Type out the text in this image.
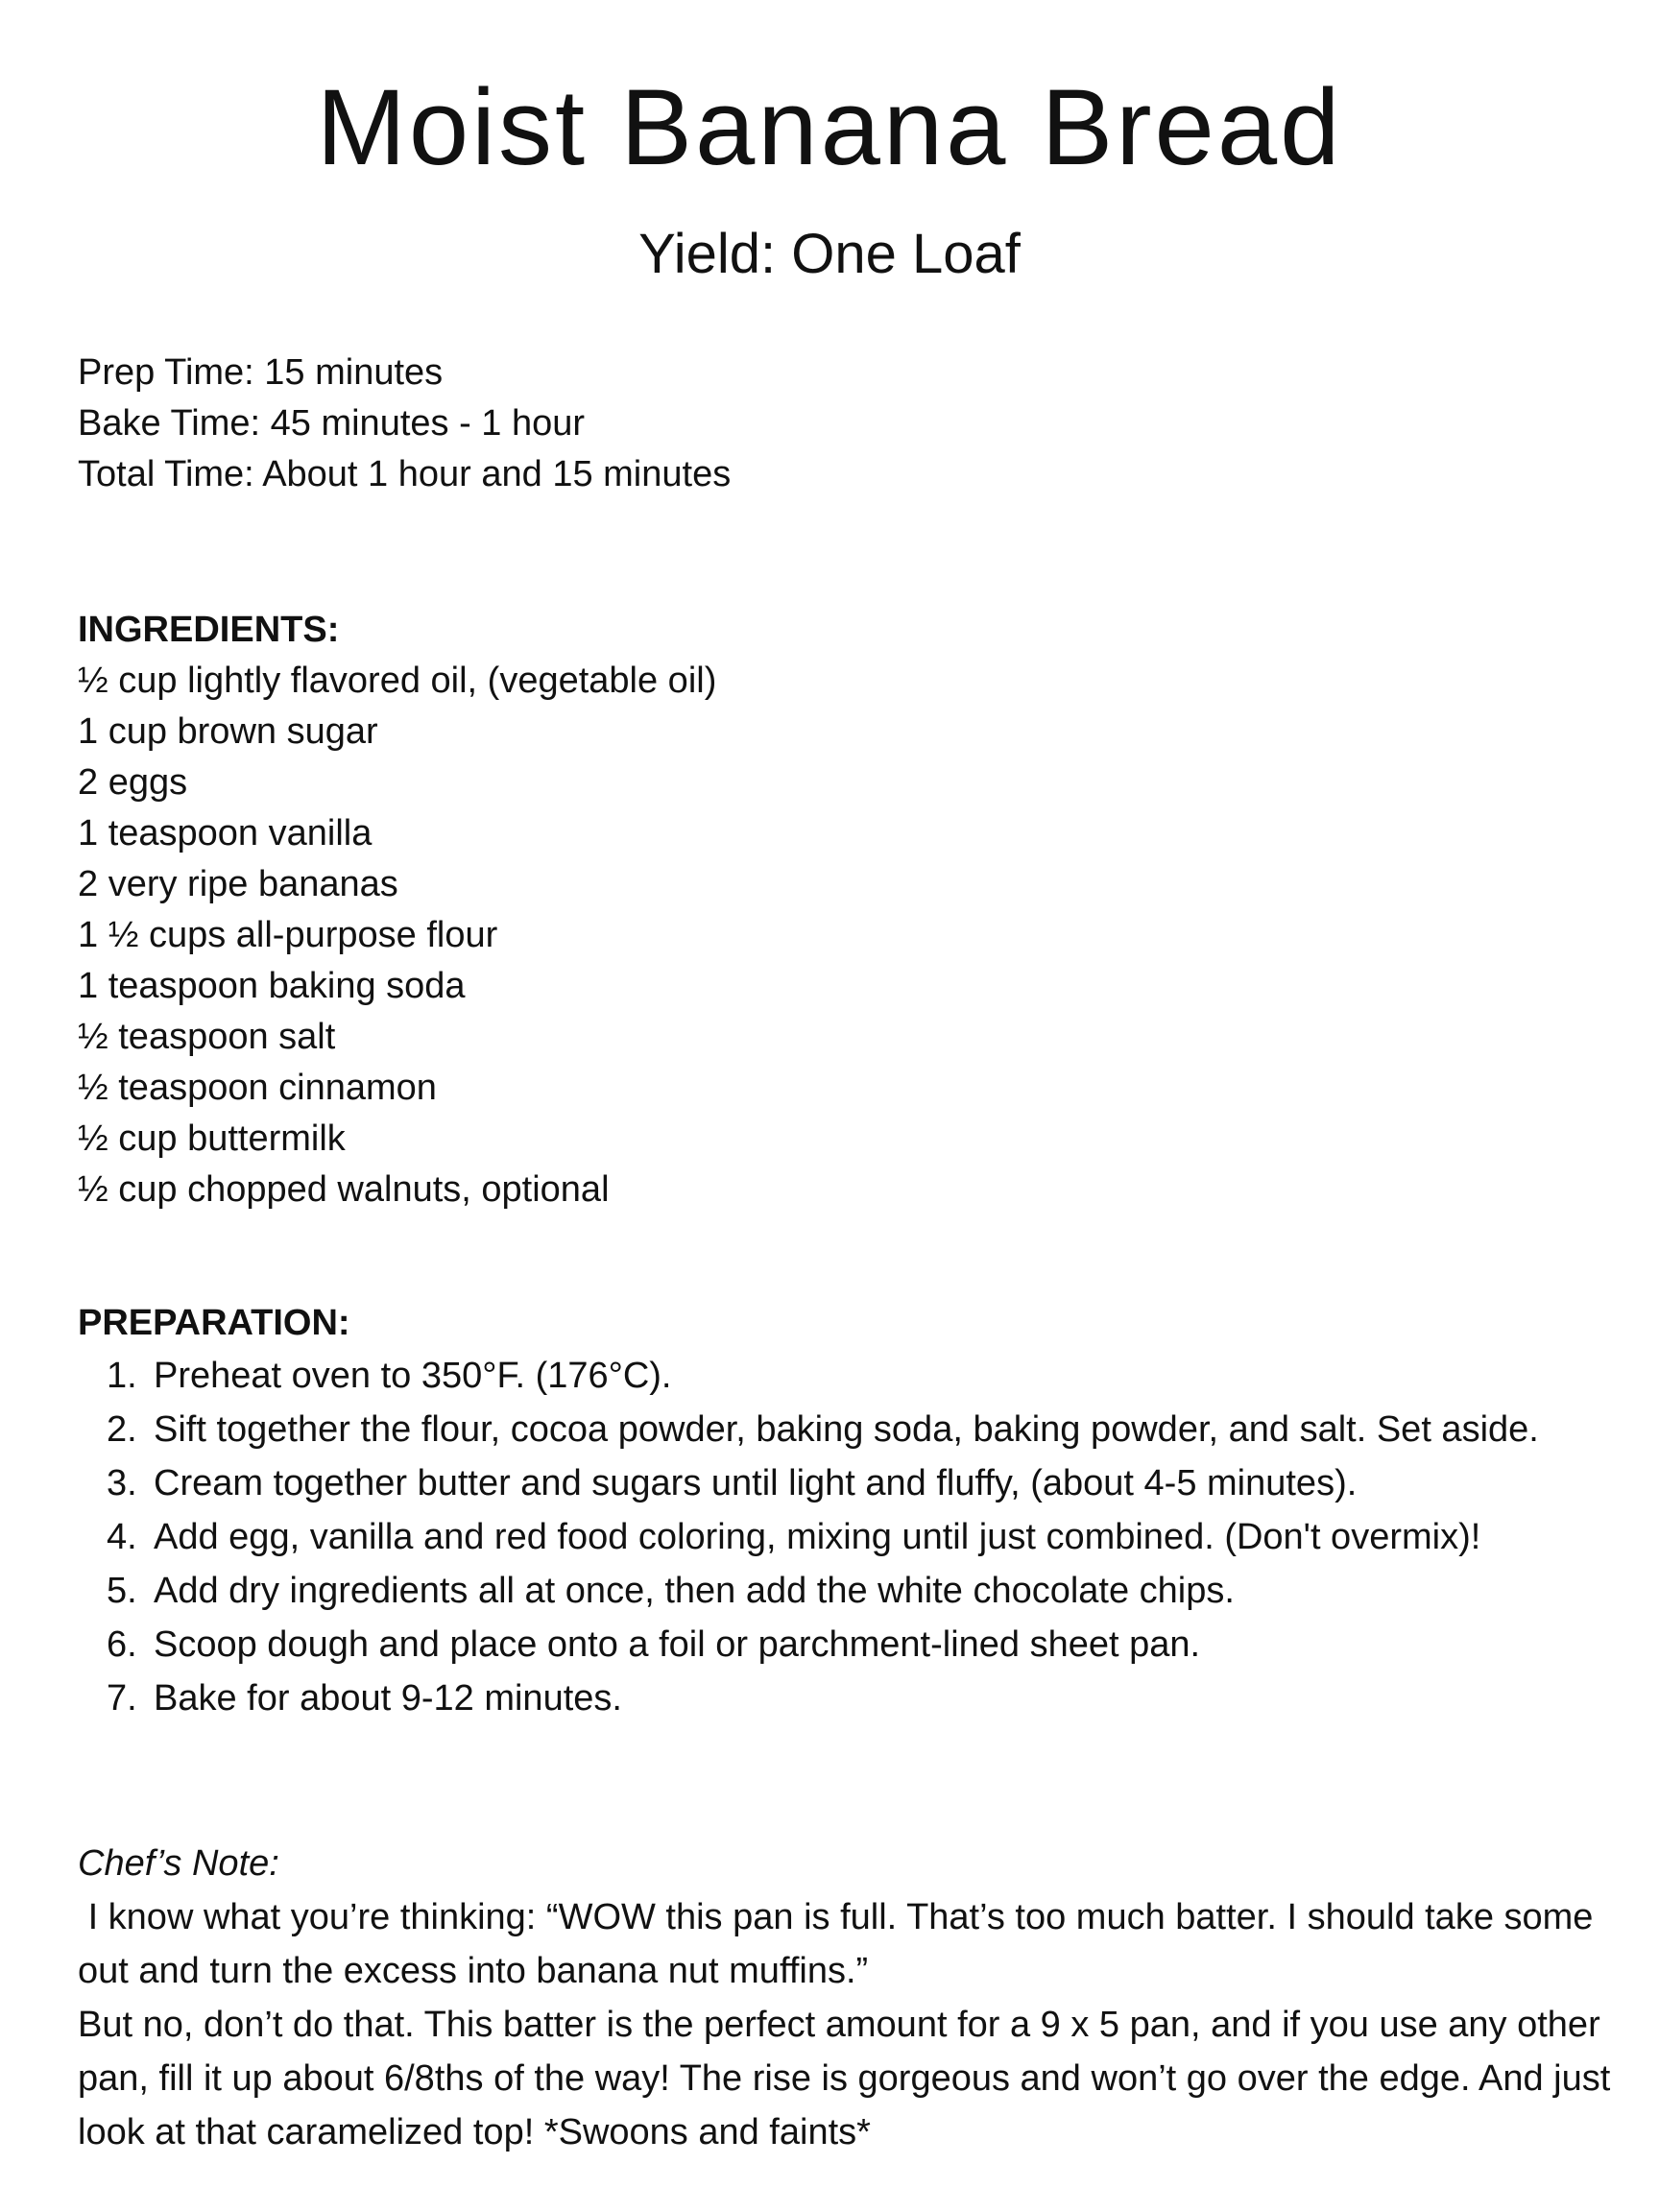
Moist Banana Bread
Yield: One Loaf
Prep Time: 15 minutes
Bake Time: 45 minutes - 1 hour
Total Time: About 1 hour and 15 minutes
INGREDIENTS:
½ cup lightly flavored oil, (vegetable oil)
1 cup brown sugar
2 eggs
1 teaspoon vanilla
2 very ripe bananas
1 ½ cups all-purpose flour
1 teaspoon baking soda
½ teaspoon salt
½ teaspoon cinnamon
½ cup buttermilk
½ cup chopped walnuts, optional
PREPARATION:
1. Preheat oven to 350°F. (176°C).
2. Sift together the flour, cocoa powder, baking soda, baking powder, and salt. Set aside.
3. Cream together butter and sugars until light and fluffy, (about 4-5 minutes).
4. Add egg, vanilla and red food coloring, mixing until just combined. (Don't overmix)!
5. Add dry ingredients all at once, then add the white chocolate chips.
6. Scoop dough and place onto a foil or parchment-lined sheet pan.
7. Bake for about 9-12 minutes.

Chef’s Note:

I know what you’re thinking: “WOW this pan is full. That’s too much batter. I should take some out and turn the excess into banana nut muffins.”

But no, don’t do that. This batter is the perfect amount for a 9 x 5 pan, and if you use any other pan, fill it up about 6/8ths of the way! The rise is gorgeous and won’t go over the edge. And just look at that caramelized top! *Swoons and faints*
